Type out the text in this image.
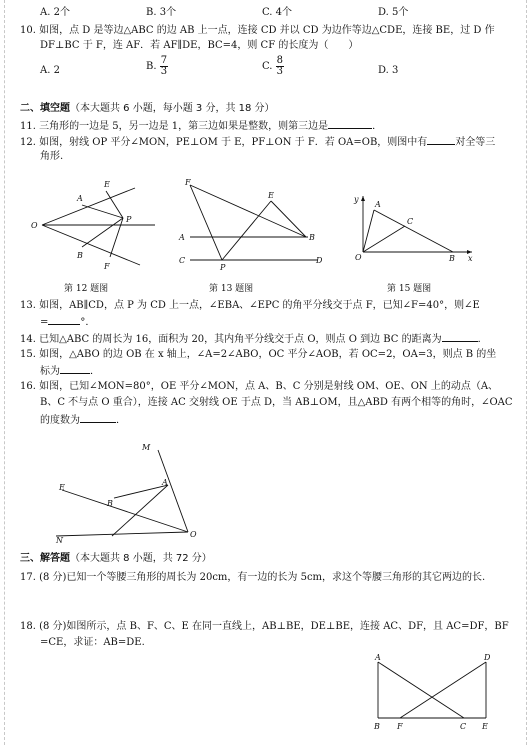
A. 2个	B. 3个	C. 4个	D. 5个
10. 如图，点 D 是等边△ABC 的边 AB 上一点，连接 CD 并以 CD 为边作等边△CDE，连接 BE，过 D 作
DF⊥BC 于 F，连 AF．若 AF∥DE，BC=4，则 CF 的长度为（　　）
A. 2	B. $\frac{7}{3}$	C. $\frac{8}{3}$	D. 3
二、填空题（本大题共 6 小题，每小题 3 分，共 18 分）
11. 三角形的一边是 5，另一边是 1，第三边如果是整数，则第三边是	．
12. 如图，射线 OP 平分∠MON，PE⊥OM 于 E，PF⊥ON 于 F．若 OA=OB，则图中有	对全等三
角形.
E
A
O
P
B
F
第 12 题图
F
E
A	B
C
P
D
第 13 题图
y
A
C
O	B x
第 15 题图
13. 如图，AB∥CD，点 P 为 CD 上一点，∠EBA、∠EPC 的角平分线交于点 F，已知∠F=40°，则∠E
=	°．
14. 已知△ABC 的周长为 16，面积为 20，其内角平分线交于点 O，则点 O 到边 BC 的距离为	．
15. 如图，△ABO 的边 OB 在 x 轴上，∠A=2∠ABO，OC 平分∠AOB，若 OC=2，OA=3，则点 B 的坐
标为	．
16. 如图，已知∠MON=80°，OE 平分∠MON，点 A、B、C 分别是射线 OM、OE、ON 上的动点（A、
B、C 不与点 O 重合），连接 AC 交射线 OE 于点 D，当 AB⊥OM，且△ABD 有两个相等的角时，∠OAC
的度数为	．
M
A
E
B
N
O
三、解答题（本大题共 8 小题，共 72 分）
17. (8 分)已知一个等腰三角形的周长为 20cm，有一边的长为 5cm，求这个等腰三角形的其它两边的长.
18. (8 分)如图所示，点 B、F、C、E 在同一直线上，AB⊥BE，DE⊥BE，连接 AC、DF，且 AC=DF，BF
=CE，求证：AB=DE.
A	D
B F	C E
